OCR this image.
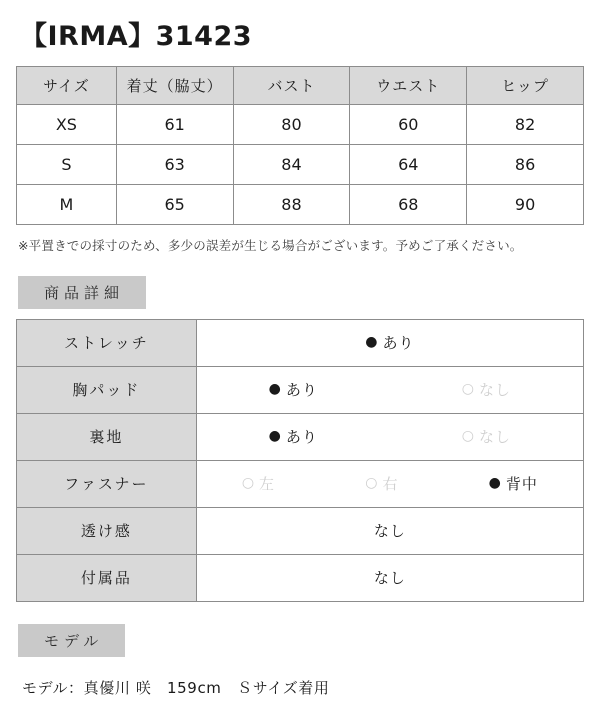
【IRMA】31423
サイズ	着丈（脇丈）	バスト	ウエスト	ヒップ
XS	61	80	60	82
S	63	84	64	86
M	65	88	68	90
※平置きでの採寸のため、多少の誤差が生じる場合がございます。予めご了承ください。
商品詳細
ストレッチ	● あり

胸パッド	● あり ○ なし

裏地	● あり ○ なし

ファスナー	○ 左	○ 右	● 背中

透け感	なし

付属品	なし
モデル
モデル：真優川 咲　159cm　Ｓサイズ着用
